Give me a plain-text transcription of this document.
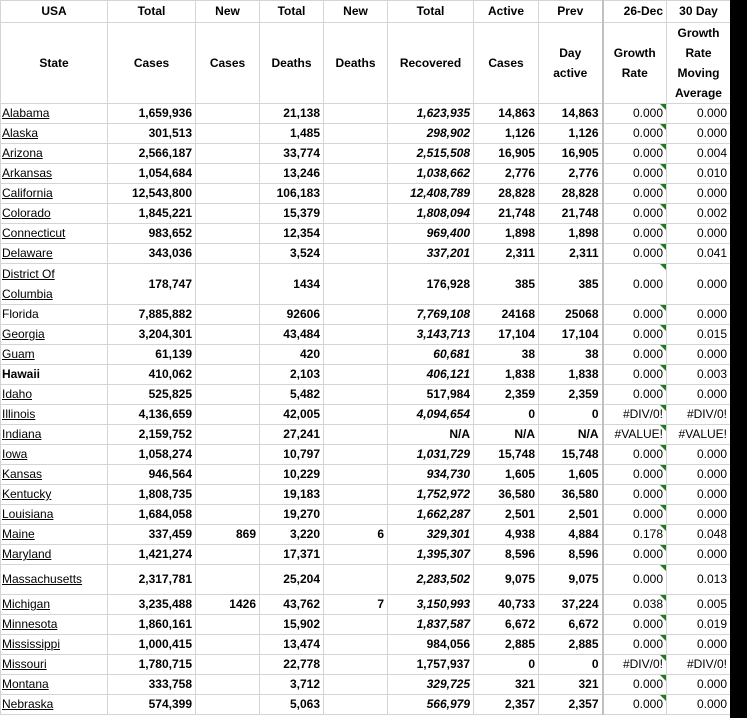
USA	Total	New	Total	New	Total	Active	Prev	26-Dec	30 Day
State	Cases	Cases	Deaths	Deaths	Recovered	Cases	Day active	Growth Rate	Growth Rate Moving Average
Alabama	1,659,936		21,138		1,623,935	14,863	14,863	0.000	0.000
Alaska	301,513		1,485		298,902	1,126	1,126	0.000	0.000
Arizona	2,566,187		33,774		2,515,508	16,905	16,905	0.000	0.004
Arkansas	1,054,684		13,246		1,038,662	2,776	2,776	0.000	0.010
California	12,543,800		106,183		12,408,789	28,828	28,828	0.000	0.000
Colorado	1,845,221		15,379		1,808,094	21,748	21,748	0.000	0.002
Connecticut	983,652		12,354		969,400	1,898	1,898	0.000	0.000
Delaware	343,036		3,524		337,201	2,311	2,311	0.000	0.041
District Of Columbia	178,747		1434		176,928	385	385	0.000	0.000
Florida	7,885,882		92606		7,769,108	24168	25068	0.000	0.000
Georgia	3,204,301		43,484		3,143,713	17,104	17,104	0.000	0.015
Guam	61,139		420		60,681	38	38	0.000	0.000
Hawaii	410,062		2,103		406,121	1,838	1,838	0.000	0.003
Idaho	525,825		5,482		517,984	2,359	2,359	0.000	0.000
Illinois	4,136,659		42,005		4,094,654	0	0	#DIV/0!	#DIV/0!
Indiana	2,159,752		27,241		N/A	N/A	N/A	#VALUE!	#VALUE!
Iowa	1,058,274		10,797		1,031,729	15,748	15,748	0.000	0.000
Kansas	946,564		10,229		934,730	1,605	1,605	0.000	0.000
Kentucky	1,808,735		19,183		1,752,972	36,580	36,580	0.000	0.000
Louisiana	1,684,058		19,270		1,662,287	2,501	2,501	0.000	0.000
Maine	337,459	869	3,220	6	329,301	4,938	4,884	0.178	0.048
Maryland	1,421,274		17,371		1,395,307	8,596	8,596	0.000	0.000
Massachusetts	2,317,781		25,204		2,283,502	9,075	9,075	0.000	0.013
Michigan	3,235,488	1426	43,762	7	3,150,993	40,733	37,224	0.038	0.005
Minnesota	1,860,161		15,902		1,837,587	6,672	6,672	0.000	0.019
Mississippi	1,000,415		13,474		984,056	2,885	2,885	0.000	0.000
Missouri	1,780,715		22,778		1,757,937	0	0	#DIV/0!	#DIV/0!
Montana	333,758		3,712		329,725	321	321	0.000	0.000
Nebraska	574,399		5,063		566,979	2,357	2,357	0.000	0.000
